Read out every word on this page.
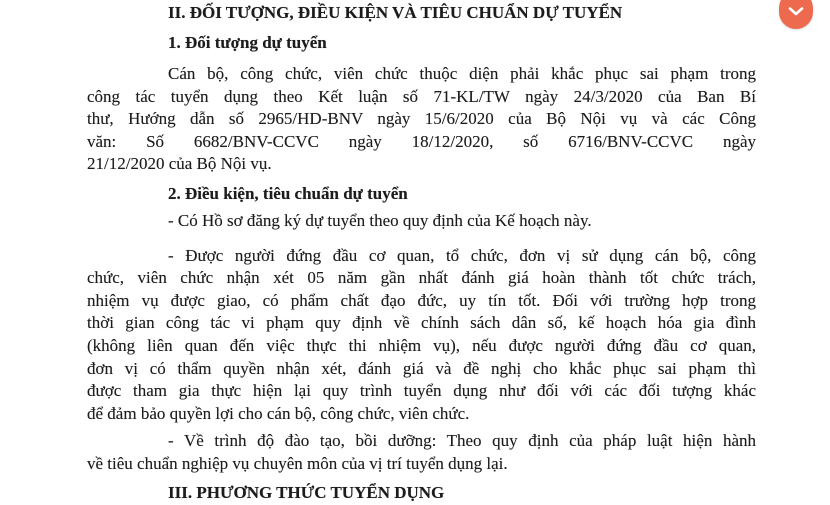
II. ĐỐI TƯỢNG, ĐIỀU KIỆN VÀ TIÊU CHUẨN DỰ TUYỂN
1. Đối tượng dự tuyển
Cán bộ, công chức, viên chức thuộc diện phải khắc phục sai phạm trong
công tác tuyển dụng theo Kết luận số 71-KL/TW ngày 24/3/2020 của Ban Bí
thư, Hướng dẫn số 2965/HD-BNV ngày 15/6/2020 của Bộ Nội vụ và các Công
văn: Số 6682/BNV-CCVC ngày 18/12/2020, số 6716/BNV-CCVC ngày
21/12/2020 của Bộ Nội vụ.
2. Điều kiện, tiêu chuẩn dự tuyển
- Có Hồ sơ đăng ký dự tuyển theo quy định của Kế hoạch này.
- Được người đứng đầu cơ quan, tổ chức, đơn vị sử dụng cán bộ, công
chức, viên chức nhận xét 05 năm gần nhất đánh giá hoàn thành tốt chức trách,
nhiệm vụ được giao, có phẩm chất đạo đức, uy tín tốt. Đối với trường hợp trong
thời gian công tác vi phạm quy định về chính sách dân số, kế hoạch hóa gia đình
(không liên quan đến việc thực thi nhiệm vụ), nếu được người đứng đầu cơ quan,
đơn vị có thẩm quyền nhận xét, đánh giá và đề nghị cho khắc phục sai phạm thì
được tham gia thực hiện lại quy trình tuyển dụng như đối với các đối tượng khác
để đảm bảo quyền lợi cho cán bộ, công chức, viên chức.
- Về trình độ đào tạo, bồi dưỡng: Theo quy định của pháp luật hiện hành
về tiêu chuẩn nghiệp vụ chuyên môn của vị trí tuyển dụng lại.
III. PHƯƠNG THỨC TUYỂN DỤNG
